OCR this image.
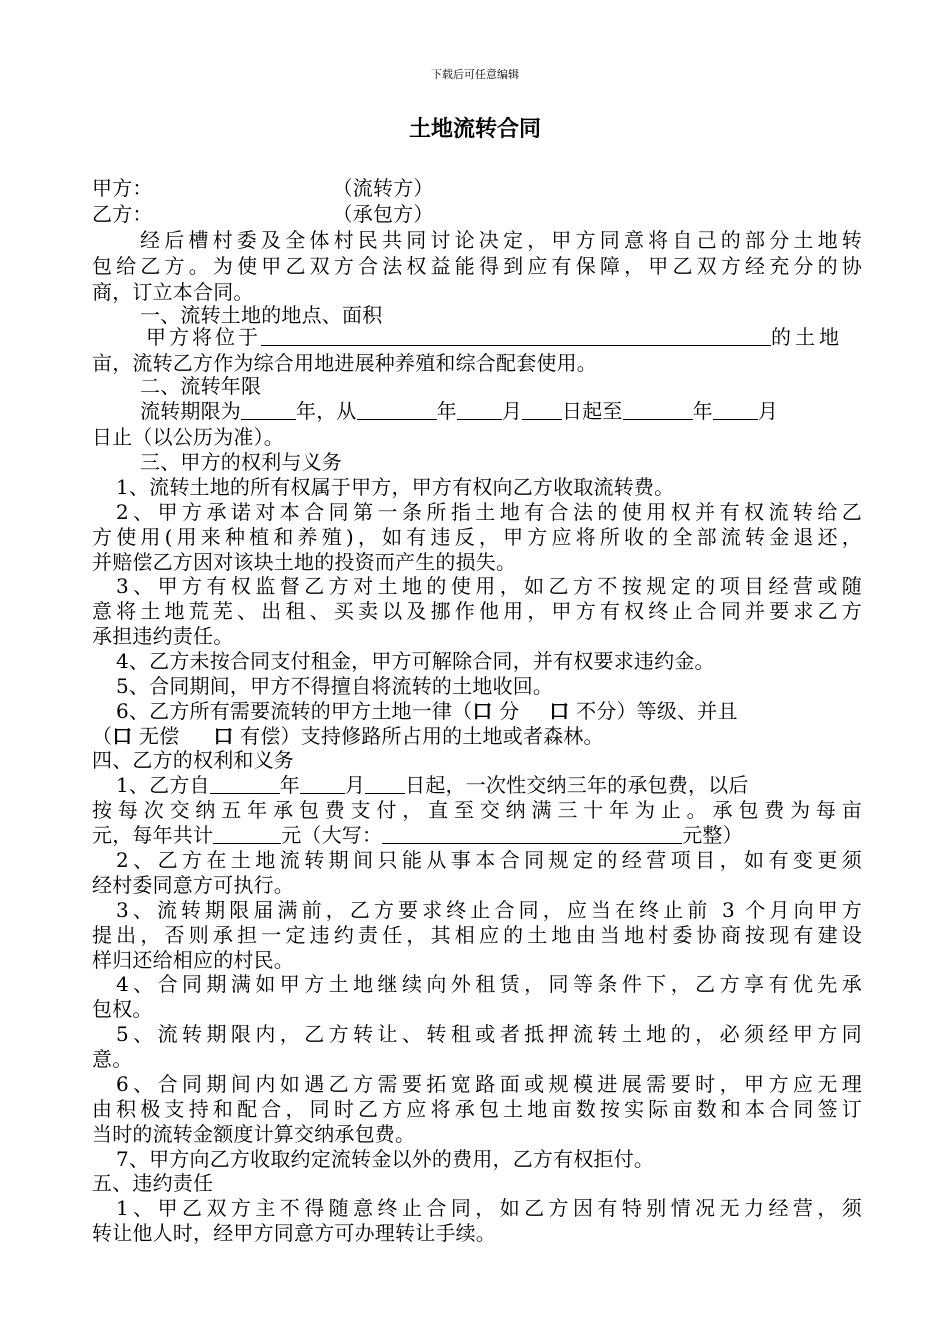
下载后可任意编辑
土地流转合同
甲方：	（流转方）
乙方：	（承包方）
经后槽村委及全体村民共同讨论决定，甲方同意将自己的部分土地转
包给乙方。为使甲乙双方合法权益能得到应有保障，甲乙双方经充分的协
商，订立本合同。
一、流转土地的地点、面积
甲方将位于	的土地
亩，流转乙方作为综合用地进展种养殖和综合配套使用。
二、流转年限
流转期限为	年，从	年 月 日起至	年 月
日止（以公历为准）。
三、甲方的权利与义务
1、流转土地的所有权属于甲方，甲方有权向乙方收取流转费。
2、甲方承诺对本合同第一条所指土地有合法的使用权并有权流转给乙
方使用(用来种植和养殖)，如有违反，甲方应将所收的全部流转金退还，
并赔偿乙方因对该块土地的投资而产生的损失。
3、甲方有权监督乙方对土地的使用，如乙方不按规定的项目经营或随
意将土地荒芜、出租、买卖以及挪作他用，甲方有权终止合同并要求乙方
承担违约责任。
4、乙方未按合同支付租金，甲方可解除合同，并有权要求违约金。
5、合同期间，甲方不得擅自将流转的土地收回。
6、乙方所有需要流转的甲方土地一律（口 分 口 不分）等级、并且
（口 无偿 口 有偿）支持修路所占用的土地或者森林。
四、乙方的权利和义务
1、乙方自	年 月 日起，一次性交纳三年的承包费，以后
按每次交纳五年承包费支付，直至交纳满三十年为止。承包费为每亩
元，每年共计	元（大写：	元整）
2、乙方在土地流转期间只能从事本合同规定的经营项目，如有变更须
经村委同意方可执行。
3、流转期限届满前，乙方要求终止合同，应当在终止前 3 个月向甲方
提出，否则承担一定违约责任，其相应的土地由当地村委协商按现有建设
样归还给相应的村民。
4、合同期满如甲方土地继续向外租赁，同等条件下，乙方享有优先承
包权。
5、流转期限内，乙方转让、转租或者抵押流转土地的，必须经甲方同
意。
6、合同期间内如遇乙方需要拓宽路面或规模进展需要时，甲方应无理
由积极支持和配合，同时乙方应将承包土地亩数按实际亩数和本合同签订
当时的流转金额度计算交纳承包费。
7、甲方向乙方收取约定流转金以外的费用，乙方有权拒付。
五、违约责任
1、甲乙双方主不得随意终止合同，如乙方因有特别情况无力经营，须
转让他人时，经甲方同意方可办理转让手续。
